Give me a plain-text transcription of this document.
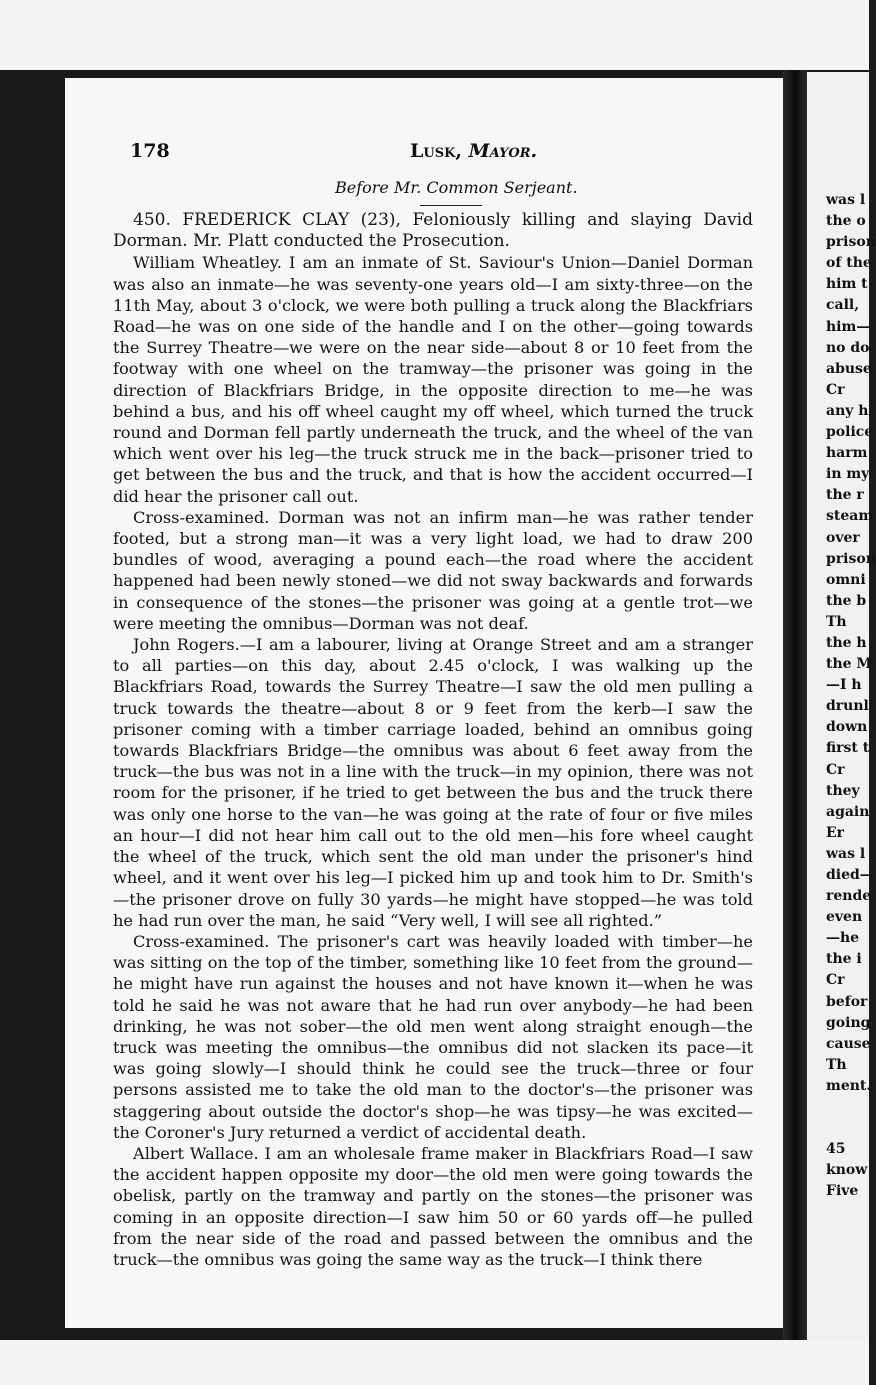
178	Lusk, Mayor.
Before Mr. Common Serjeant.

450. FREDERICK CLAY (23), Feloniously killing and slaying David Dorman. Mr. Platt conducted the Prosecution.

William Wheatley. I am an inmate of St. Saviour's Union—Daniel Dorman was also an inmate—he was seventy-one years old—I am sixty-three—on the 11th May, about 3 o'clock, we were both pulling a truck along the Blackfriars Road—he was on one side of the handle and I on the other—going towards the Surrey Theatre—we were on the near side—about 8 or 10 feet from the footway with one wheel on the tramway—the prisoner was going in the direction of Blackfriars Bridge, in the opposite direction to me—he was behind a bus, and his off wheel caught my off wheel, which turned the truck round and Dorman fell partly underneath the truck, and the wheel of the van which went over his leg—the truck struck me in the back—prisoner tried to get between the bus and the truck, and that is how the accident occurred—I did hear the prisoner call out.

Cross-examined. Dorman was not an infirm man—he was rather tender footed, but a strong man—it was a very light load, we had to draw 200 bundles of wood, averaging a pound each—the road where the accident happened had been newly stoned—we did not sway backwards and forwards in consequence of the stones—the prisoner was going at a gentle trot—we were meeting the omnibus—Dorman was not deaf.

John Rogers.—I am a labourer, living at Orange Street and am a stranger to all parties—on this day, about 2.45 o'clock, I was walking up the Blackfriars Road, towards the Surrey Theatre—I saw the old men pulling a truck towards the theatre—about 8 or 9 feet from the kerb—I saw the prisoner coming with a timber carriage loaded, behind an omnibus going towards Blackfriars Bridge—the omnibus was about 6 feet away from the truck—the bus was not in a line with the truck—in my opinion, there was not room for the prisoner, if he tried to get between the bus and the truck there was only one horse to the van—he was going at the rate of four or five miles an hour—I did not hear him call out to the old men—his fore wheel caught the wheel of the truck, which sent the old man under the prisoner's hind wheel, and it went over his leg—I picked him up and took him to Dr. Smith's—the prisoner drove on fully 30 yards—he might have stopped—he was told he had run over the man, he said “Very well, I will see all righted.”

Cross-examined. The prisoner's cart was heavily loaded with timber—he was sitting on the top of the timber, something like 10 feet from the ground—he might have run against the houses and not have known it—when he was told he said he was not aware that he had run over anybody—he had been drinking, he was not sober—the old men went along straight enough—the truck was meeting the omnibus—the omnibus did not slacken its pace—it was going slowly—I should think he could see the truck—three or four persons assisted me to take the old man to the doctor's—the prisoner was staggering about outside the doctor's shop—he was tipsy—he was excited—the Coroner's Jury returned a verdict of accidental death.

Albert Wallace. I am an wholesale frame maker in Blackfriars Road—I saw the accident happen opposite my door—the old men were going towards the obelisk, partly on the tramway and partly on the stones—the prisoner was coming in an opposite direction—I saw him 50 or 60 yards off—he pulled from the near side of the road and passed between the omnibus and the truck—the omnibus was going the same way as the truck—I think there

was l
the o
prison
of the
him t
call,
him—
no do
abuse
Cr
any h
police
harm
in my
the r
steam
over
prison
omni
the b
Th
the h
the M
—I h
drunl
down
first t
Cr
they
again
Er
was l
died—
rende
even
—he
the i
Cr
befor
going
cause
Th
ment.

45
know
Five
